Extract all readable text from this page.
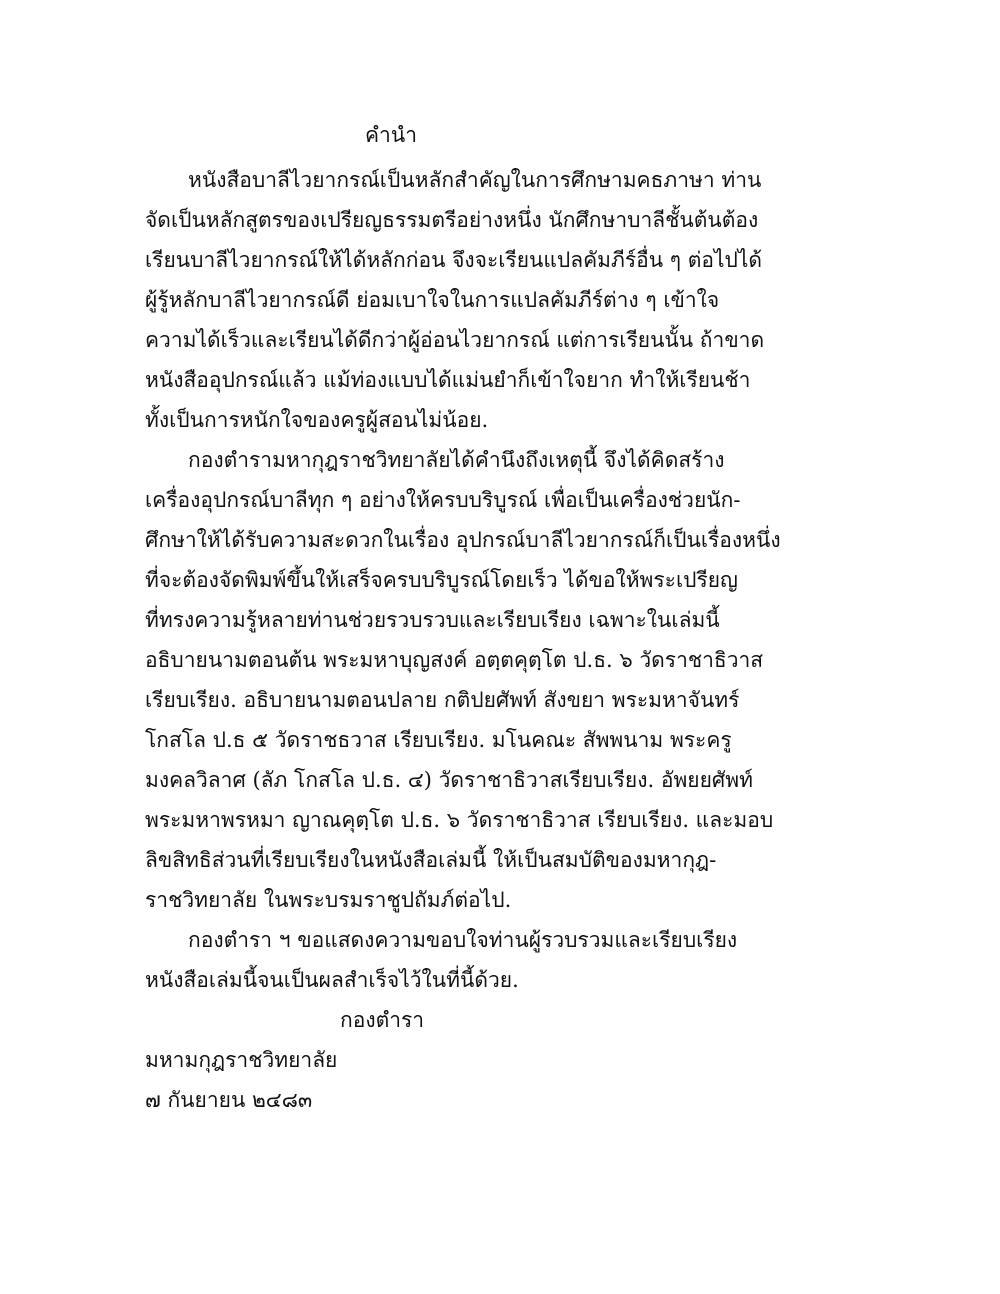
คำนำ
หนังสือบาลีไวยากรณ์เป็นหลักสำคัญในการศึกษามคธภาษา ท่าน
จัดเป็นหลักสูตรของเปรียญธรรมตรีอย่างหนึ่ง นักศึกษาบาลีชั้นต้นต้อง
เรียนบาลีไวยากรณ์ให้ได้หลักก่อน จึงจะเรียนแปลคัมภีร์อื่น ๆ ต่อไปได้
ผู้รู้หลักบาลีไวยากรณ์ดี ย่อมเบาใจในการแปลคัมภีร์ต่าง ๆ เข้าใจ
ความได้เร็วและเรียนได้ดีกว่าผู้อ่อนไวยากรณ์ แต่การเรียนนั้น ถ้าขาด
หนังสืออุปกรณ์แล้ว แม้ท่องแบบได้แม่นยำก็เข้าใจยาก ทำให้เรียนช้า
ทั้งเป็นการหนักใจของครูผู้สอนไม่น้อย.
กองตำรามหากุฎราชวิทยาลัยได้คำนึงถึงเหตุนี้ จึงได้คิดสร้าง
เครื่องอุปกรณ์บาลีทุก ๆ อย่างให้ครบบริบูรณ์ เพื่อเป็นเครื่องช่วยนัก-
ศึกษาให้ได้รับความสะดวกในเรื่อง อุปกรณ์บาลีไวยากรณ์ก็เป็นเรื่องหนึ่ง
ที่จะต้องจัดพิมพ์ขึ้นให้เสร็จครบบริบูรณ์โดยเร็ว ได้ขอให้พระเปรียญ
ที่ทรงความรู้หลายท่านช่วยรวบรวบและเรียบเรียง เฉพาะในเล่มนี้
อธิบายนามตอนต้น พระมหาบุญสงค์ อตฺตคุตฺโต ป.ธ. ๖ วัดราชาธิวาส
เรียบเรียง. อธิบายนามตอนปลาย กติปยศัพท์ สังขยา พระมหาจันทร์
โกสโล ป.ธ ๕ วัดราชธวาส เรียบเรียง. มโนคณะ สัพพนาม พระครู
มงคลวิลาศ (ลัภ โกสโล ป.ธ. ๔) วัดราชาธิวาสเรียบเรียง. อัพยยศัพท์
พระมหาพรหมา ญาณคุตฺโต ป.ธ. ๖ วัดราชาธิวาส เรียบเรียง. และมอบ
ลิขสิทธิส่วนที่เรียบเรียงในหนังสือเล่มนี้ ให้เป็นสมบัติของมหากุฎ-
ราชวิทยาลัย ในพระบรมราชูปถัมภ์ต่อไป.
กองตำรา ฯ ขอแสดงความขอบใจท่านผู้รวบรวมและเรียบเรียง
หนังสือเล่มนี้จนเป็นผลสำเร็จไว้ในที่นี้ด้วย.
กองตำรา
มหามกุฎราชวิทยาลัย
๗ กันยายน ๒๔๘๓
